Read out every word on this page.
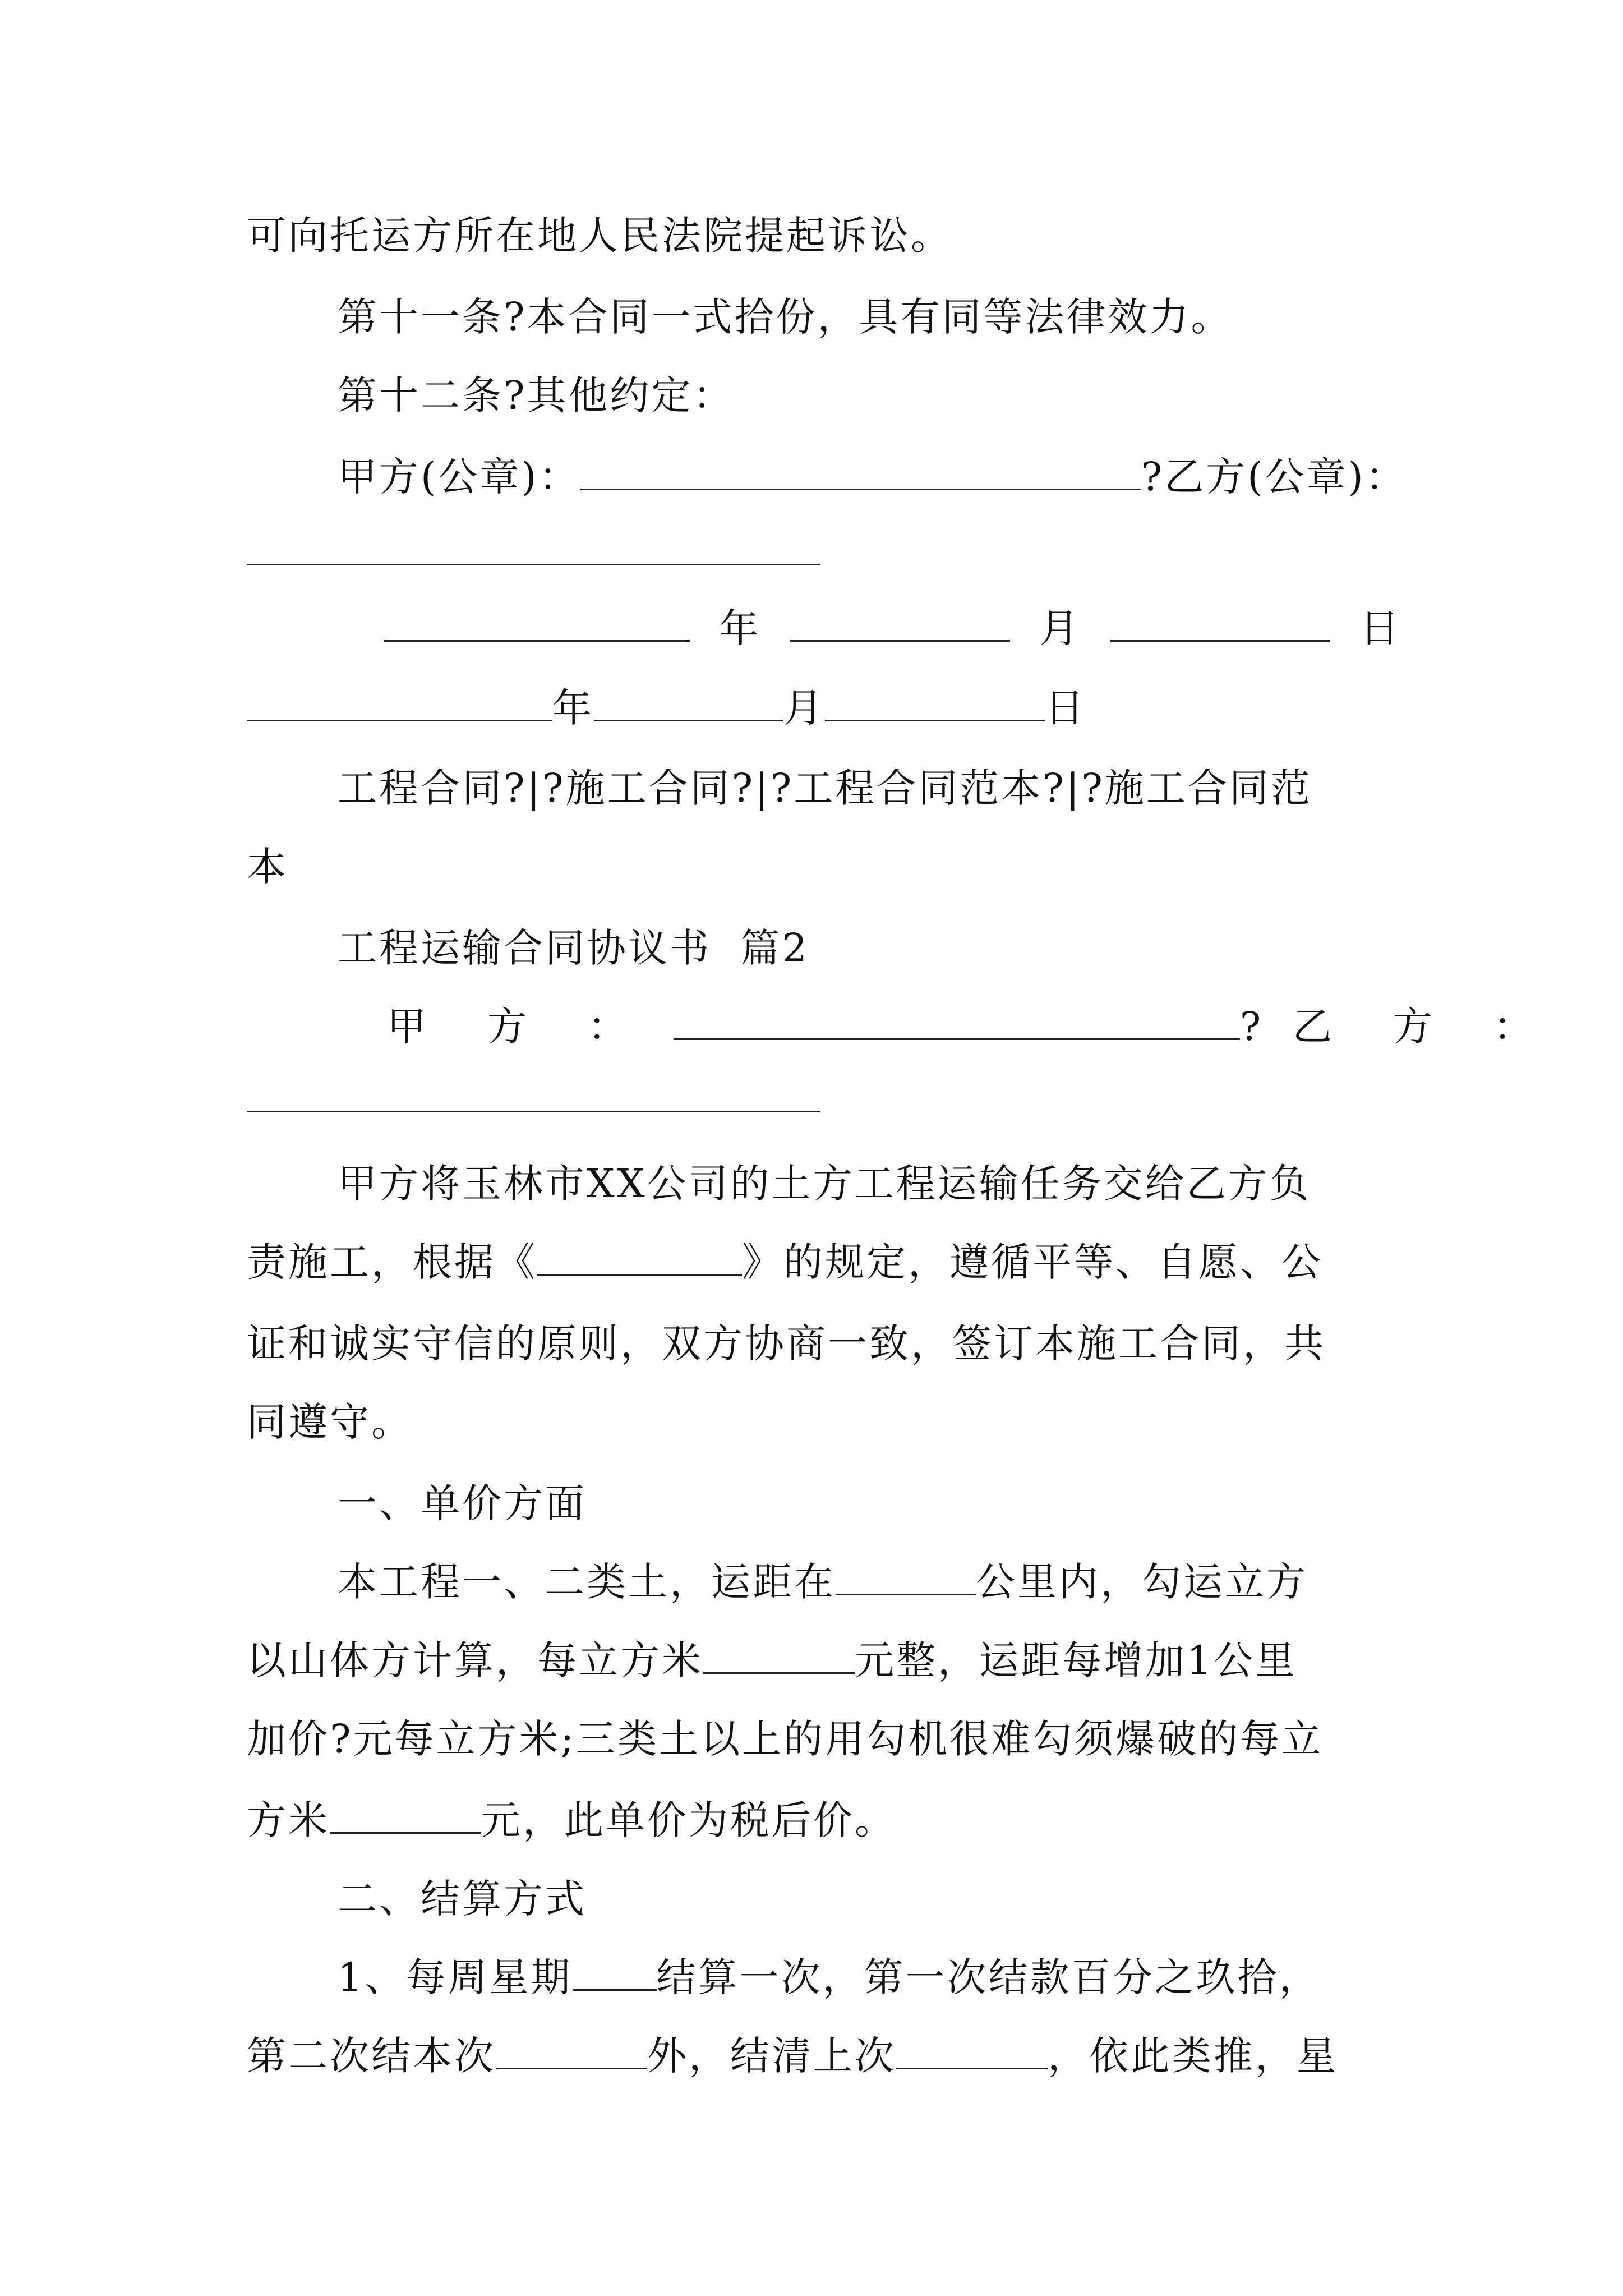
可向托运方所在地人民法院提起诉讼。
第十一条?本合同一式拾份，具有同等法律效力。
第十二条?其他约定：
甲方(公章)：	?乙方(公章)：
年	月	日
年	月	日
工程合同?|?施工合同?|?工程合同范本?|?施工合同范
本
工程运输合同协议书  篇2
甲 方 ：	? 乙 方 ：
甲方将玉林市XX公司的土方工程运输任务交给乙方负
责施工，根据《	》的规定，遵循平等、自愿、公
证和诚实守信的原则，双方协商一致，签订本施工合同，共
同遵守。
一、单价方面
本工程一、二类土，运距在	公里内，勾运立方
以山体方计算，每立方米	元整，运距每增加1公里
加价?元每立方米;三类土以上的用勾机很难勾须爆破的每立
方米	元，此单价为税后价。
二、结算方式
1、每周星期 结算一次，第一次结款百分之玖拾，
第二次结本次	外，结清上次	，依此类推，星
